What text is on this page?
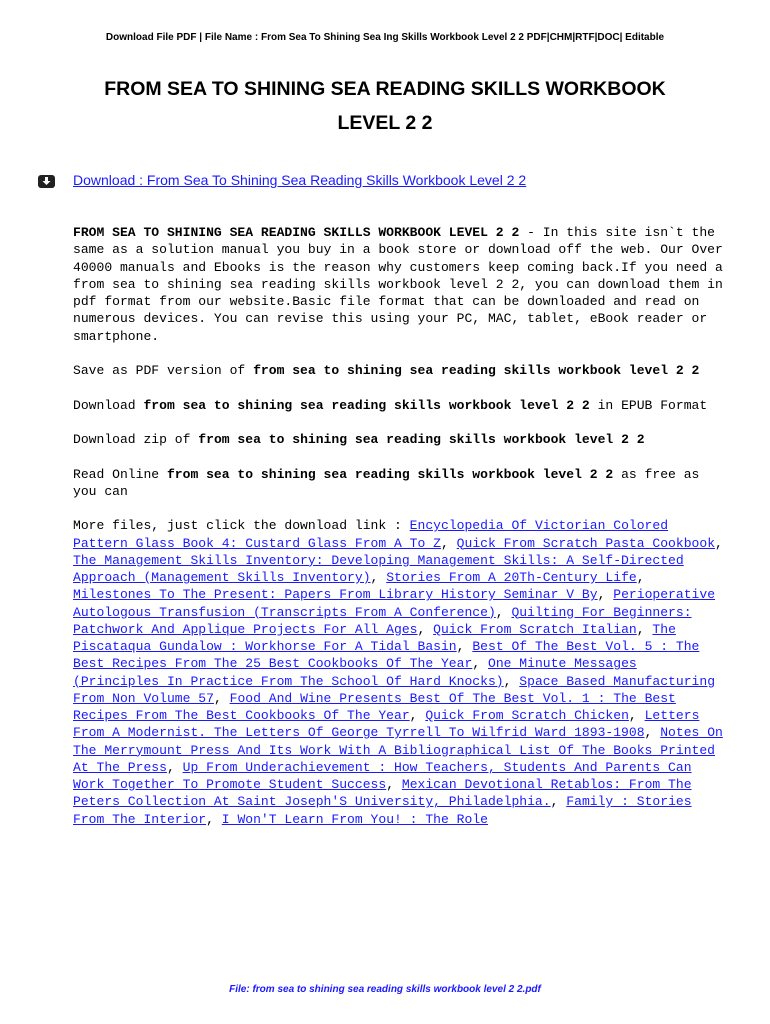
Download File PDF | File Name : From Sea To Shining Sea Ing Skills Workbook Level 2 2 PDF|CHM|RTF|DOC| Editable
FROM SEA TO SHINING SEA READING SKILLS WORKBOOK
LEVEL 2 2
Download : From Sea To Shining Sea Reading Skills Workbook Level 2 2

FROM SEA TO SHINING SEA READING SKILLS WORKBOOK LEVEL 2 2 - In this site isn`t the same as a solution manual you buy in a book store or download off the web. Our Over 40000 manuals and Ebooks is the reason why customers keep coming back.If you need a from sea to shining sea reading skills workbook level 2 2, you can download them in pdf format from our website.Basic file format that can be downloaded and read on numerous devices. You can revise this using your PC, MAC, tablet, eBook reader or smartphone.

Save as PDF version of from sea to shining sea reading skills workbook level 2 2

Download from sea to shining sea reading skills workbook level 2 2 in EPUB Format

Download zip of from sea to shining sea reading skills workbook level 2 2

Read Online from sea to shining sea reading skills workbook level 2 2 as free as you can

More files, just click the download link : Encyclopedia Of Victorian Colored Pattern Glass Book 4: Custard Glass From A To Z, Quick From Scratch Pasta Cookbook, The Management Skills Inventory: Developing Management Skills: A Self-Directed Approach (Management Skills Inventory), Stories From A 20Th-Century Life, Milestones To The Present: Papers From Library History Seminar V By, Perioperative Autologous Transfusion (Transcripts From A Conference), Quilting For Beginners: Patchwork And Applique Projects For All Ages, Quick From Scratch Italian, The Piscataqua Gundalow : Workhorse For A Tidal Basin, Best Of The Best Vol. 5 : The Best Recipes From The 25 Best Cookbooks Of The Year, One Minute Messages (Principles In Practice From The School Of Hard Knocks), Space Based Manufacturing From Non Volume 57, Food And Wine Presents Best Of The Best Vol. 1 : The Best Recipes From The Best Cookbooks Of The Year, Quick From Scratch Chicken, Letters From A Modernist. The Letters Of George Tyrrell To Wilfrid Ward 1893-1908, Notes On The Merrymount Press And Its Work With A Bibliographical List Of The Books Printed At The Press, Up From Underachievement : How Teachers, Students And Parents Can Work Together To Promote Student Success, Mexican Devotional Retablos: From The Peters Collection At Saint Joseph'S University, Philadelphia., Family : Stories From The Interior, I Won'T Learn From You! : The Role

File: from sea to shining sea reading skills workbook level 2 2.pdf
